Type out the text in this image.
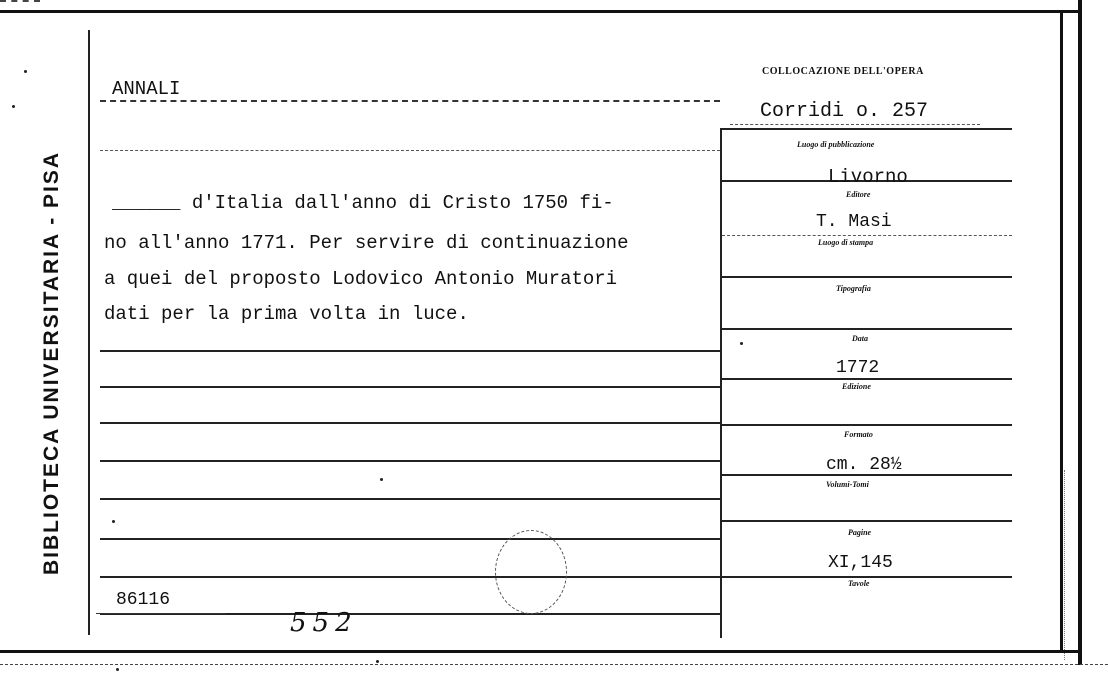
BIBLIOTECA UNIVERSITARIA - PISA
ANNALI
______ d'Italia dall'anno di Cristo 1750 fi-
no all'anno 1771. Per servire di continuazione
a quei del proposto Lodovico Antonio Muratori
dati per la prima volta in luce.
86116
552
COLLOCAZIONE DELL'OPERA
Corridi o. 257
Luogo di pubblicazione
Livorno
Editore
T. Masi
Luogo di stampa
Tipografia
Data
1772
Edizione
Formato
cm. 28½
Volumi-Tomi
Pagine
XI,145
Tavole
